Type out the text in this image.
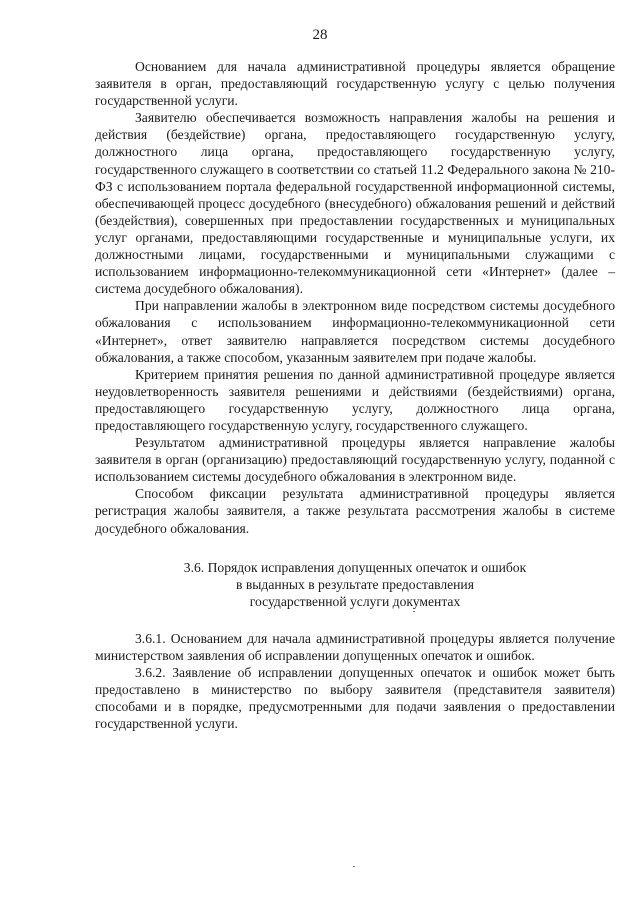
28

Основанием для начала административной процедуры является обращение заявителя в орган, предоставляющий государственную услугу с целью получения государственной услуги.

Заявителю обеспечивается возможность направления жалобы на решения и действия (бездействие) органа, предоставляющего государственную услугу, должностного лица органа, предоставляющего государственную услугу, государственного служащего в соответствии со статьей 11.2 Федерального закона № 210-ФЗ с использованием портала федеральной государственной информационной системы, обеспечивающей процесс досудебного (внесудебного) обжалования решений и действий (бездействия), совершенных при предоставлении государственных и муниципальных услуг органами, предоставляющими государственные и муниципальные услуги, их должностными лицами, государственными и муниципальными служащими с использованием информационно-телекоммуникационной сети «Интернет» (далее – система досудебного обжалования).

При направлении жалобы в электронном виде посредством системы досудебного обжалования с использованием информационно-телекоммуникационной сети «Интернет», ответ заявителю направляется посредством системы досудебного обжалования, а также способом, указанным заявителем при подаче жалобы.

Критерием принятия решения по данной административной процедуре является неудовлетворенность заявителя решениями и действиями (бездействиями) органа, предоставляющего государственную услугу, должностного лица органа, предоставляющего государственную услугу, государственного служащего.

Результатом административной процедуры является направление жалобы заявителя в орган (организацию) предоставляющий государственную услугу, поданной с использованием системы досудебного обжалования в электронном виде.

Способом фиксации результата административной процедуры является регистрация жалобы заявителя, а также результата рассмотрения жалобы в системе досудебного обжалования.

3.6. Порядок исправления допущенных опечаток и ошибок
в выданных в результате предоставления
государственной услуги документах

3.6.1. Основанием для начала административной процедуры является получение министерством заявления об исправлении допущенных опечаток и ошибок.

3.6.2. Заявление об исправлении допущенных опечаток и ошибок может быть предоставлено в министерство по выбору заявителя (представителя заявителя) способами и в порядке, предусмотренными для подачи заявления о предоставлении государственной услуги.
